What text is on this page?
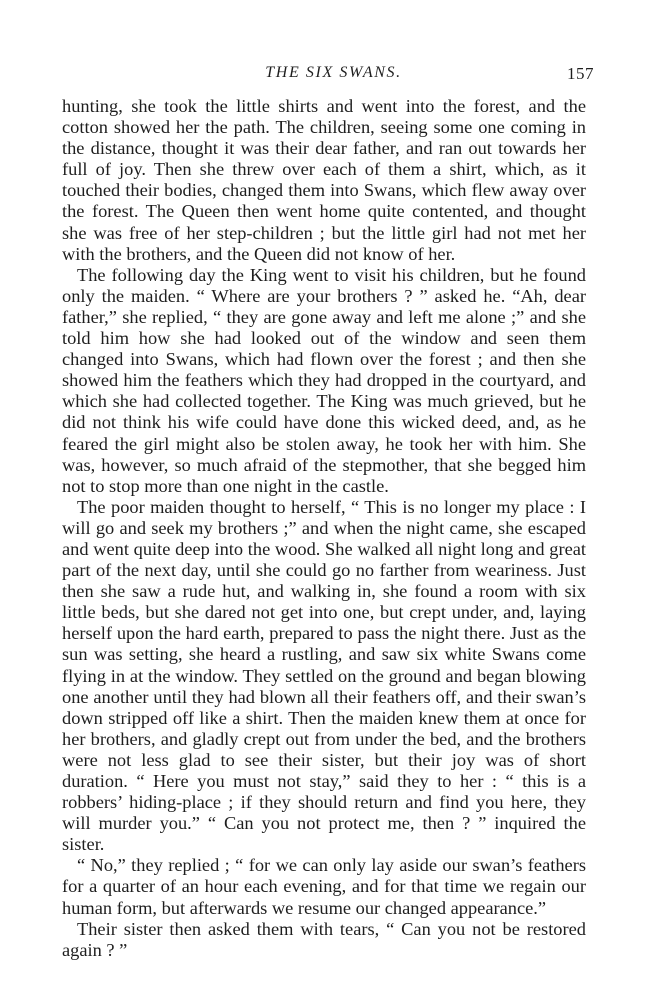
THE SIX SWANS.	157

hunting, she took the little shirts and went into the forest, and the cotton showed her the path. The children, seeing some one coming in the distance, thought it was their dear father, and ran out towards her full of joy. Then she threw over each of them a shirt, which, as it touched their bodies, changed them into Swans, which flew away over the forest. The Queen then went home quite contented, and thought she was free of her step-children ; but the little girl had not met her with the brothers, and the Queen did not know of her.

The following day the King went to visit his children, but he found only the maiden. “ Where are your brothers ? ” asked he. “Ah, dear father,” she replied, “ they are gone away and left me alone ;” and she told him how she had looked out of the window and seen them changed into Swans, which had flown over the forest ; and then she showed him the feathers which they had dropped in the courtyard, and which she had collected together. The King was much grieved, but he did not think his wife could have done this wicked deed, and, as he feared the girl might also be stolen away, he took her with him. She was, however, so much afraid of the stepmother, that she begged him not to stop more than one night in the castle.

The poor maiden thought to herself, “ This is no longer my place : I will go and seek my brothers ;” and when the night came, she escaped and went quite deep into the wood. She walked all night long and great part of the next day, until she could go no farther from weariness. Just then she saw a rude hut, and walking in, she found a room with six little beds, but she dared not get into one, but crept under, and, laying herself upon the hard earth, prepared to pass the night there. Just as the sun was setting, she heard a rustling, and saw six white Swans come flying in at the window. They settled on the ground and began blowing one another until they had blown all their feathers off, and their swan’s down stripped off like a shirt. Then the maiden knew them at once for her brothers, and gladly crept out from under the bed, and the brothers were not less glad to see their sister, but their joy was of short duration. “ Here you must not stay,” said they to her : “ this is a robbers’ hiding-place ; if they should return and find you here, they will murder you.” “ Can you not protect me, then ? ” inquired the sister.

“ No,” they replied ; “ for we can only lay aside our swan’s feathers for a quarter of an hour each evening, and for that time we regain our human form, but afterwards we resume our changed appearance.”

Their sister then asked them with tears, “ Can you not be restored again ? ”
